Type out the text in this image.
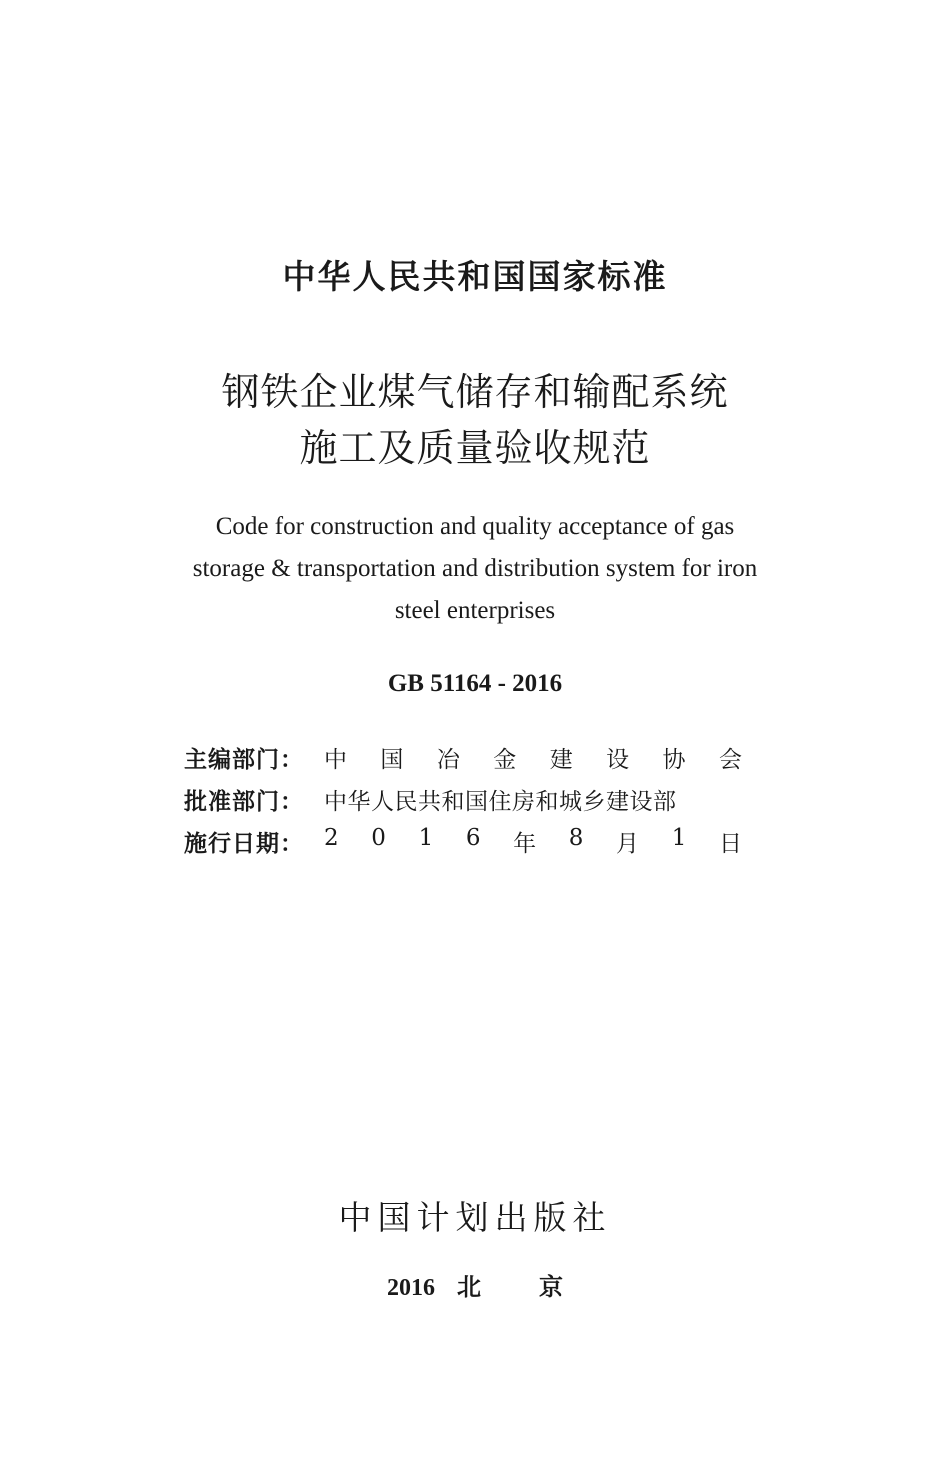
中华人民共和国国家标准
钢铁企业煤气储存和输配系统
施工及质量验收规范
Code for construction and quality acceptance of gas
storage & transportation and distribution system for iron
steel enterprises
GB 51164 - 2016
主编部门： 中 国 冶 金 建 设 协 会
批准部门： 中华人民共和国住房和城乡建设部
施行日期： 2 0 1 6 年 8 月 1 日
中国计划出版社
2016 北 京
